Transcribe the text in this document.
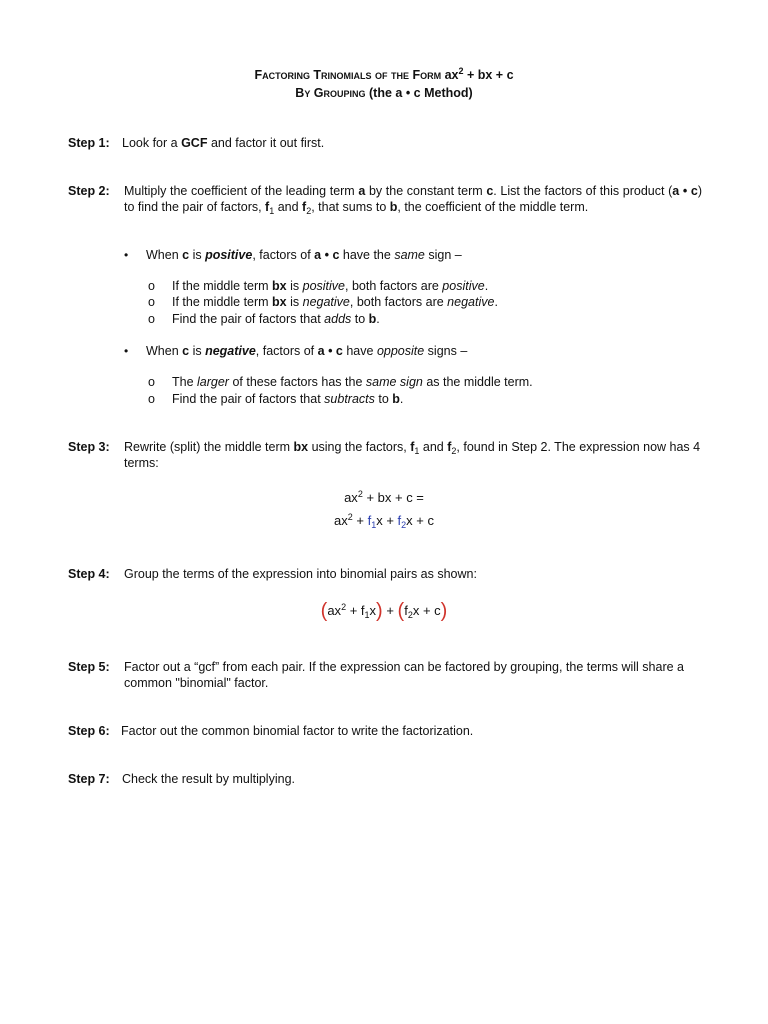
Factoring Trinomials of the Form $ax^2$ + bx + c
By Grouping (the a • c Method)
Step 1: Look for a GCF and factor it out first.
Step 2: Multiply the coefficient of the leading term a by the constant term c. List the factors of this product (a • c) to find the pair of factors, $f_1$ and $f_2$, that sums to b, the coefficient of the middle term.
• When c is positive, factors of a • c have the same sign –
o If the middle term bx is positive, both factors are positive.
o If the middle term bx is negative, both factors are negative.
o Find the pair of factors that adds to b.
• When c is negative, factors of a • c have opposite signs –
o The larger of these factors has the same sign as the middle term.
o Find the pair of factors that subtracts to b.
Step 3: Rewrite (split) the middle term bx using the factors, $f_1$ and $f_2$, found in Step 2. The expression now has 4 terms:
$ax^2$ + bx + c =
$ax^2 + f_1x + f_2x + c$
Step 4: Group the terms of the expression into binomial pairs as shown:
$(ax^2 + f_1x) + (f_2x + c)$
Step 5: Factor out a “gcf” from each pair. If the expression can be factored by grouping, the terms will share a common "binomial" factor.
Step 6: Factor out the common binomial factor to write the factorization.
Step 7: Check the result by multiplying.
